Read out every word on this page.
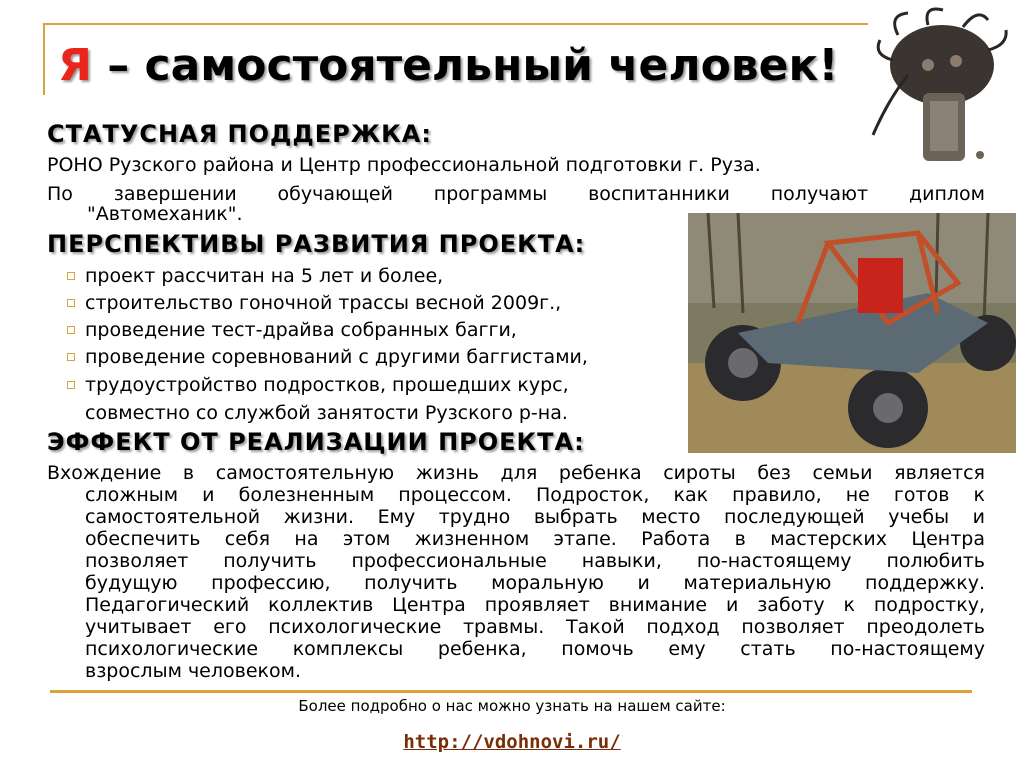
Я – самостоятельный человек!
СТАТУСНАЯ ПОДДЕРЖКА:
РОНО Рузского района и Центр профессиональной подготовки г. Руза.
По завершении обучающей программы воспитанники получают диплом
"Автомеханик".
ПЕРСПЕКТИВЫ РАЗВИТИЯ ПРОЕКТА:
проект рассчитан на 5 лет и более,
строительство гоночной трассы весной 2009г.,
проведение тест-драйва собранных багги,
проведение соревнований с другими баггистами,
трудоустройство подростков, прошедших курс,
совместно со службой занятости Рузского р-на.
ЭФФЕКТ ОТ РЕАЛИЗАЦИИ ПРОЕКТА:
Вхождение в самостоятельную жизнь для ребенка сироты без семьи является
сложным и болезненным процессом. Подросток, как правило, не готов к
самостоятельной жизни. Ему трудно выбрать место последующей учебы и
обеспечить себя на этом жизненном этапе. Работа в мастерских Центра
позволяет получить профессиональные навыки, по-настоящему полюбить
будущую профессию, получить моральную и материальную поддержку.
Педагогический коллектив Центра проявляет внимание и заботу к подростку,
учитывает его психологические травмы. Такой подход позволяет преодолеть
психологические комплексы ребенка, помочь ему стать по-настоящему
взрослым человеком.
Более подробно о нас можно узнать на нашем сайте:
http://vdohnovi.ru/
